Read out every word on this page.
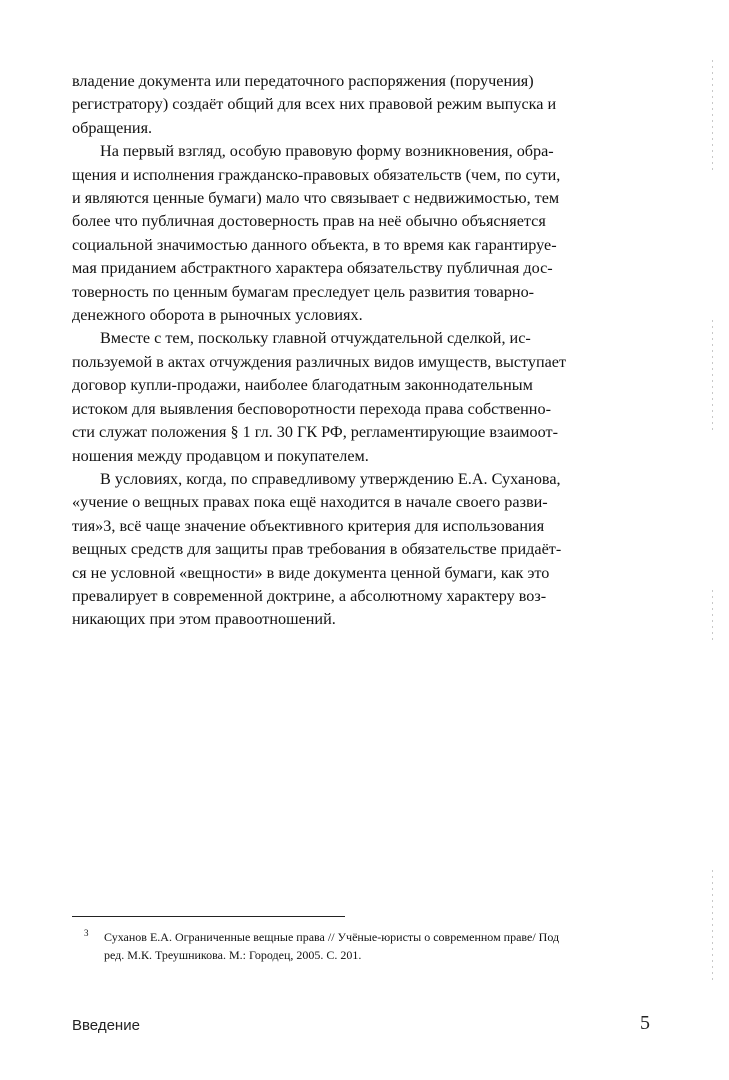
владение документа или передаточного распоряжения (поручения)
регистратору) создаёт общий для всех них правовой режим выпуска и
обращения.

На первый взгляд, особую правовую форму возникновения, обра-
щения и исполнения гражданско-правовых обязательств (чем, по сути,
и являются ценные бумаги) мало что связывает с недвижимостью, тем
более что публичная достоверность прав на неё обычно объясняется
социальной значимостью данного объекта, в то время как гарантируе-
мая приданием абстрактного характера обязательству публичная дос-
товерность по ценным бумагам преследует цель развития товарно-
денежного оборота в рыночных условиях.

Вместе с тем, поскольку главной отчуждательной сделкой, ис-
пользуемой в актах отчуждения различных видов имуществ, выступает
договор купли-продажи, наиболее благодатным законнодательным
истоком для выявления бесповоротности перехода права собственно-
сти служат положения § 1 гл. 30 ГК РФ, регламентирующие взаимоот-
ношения между продавцом и покупателем.

В условиях, когда, по справедливому утверждению Е.А. Суханова,
«учение о вещных правах пока ещё находится в начале своего разви-
тия»3, всё чаще значение объективного критерия для использования
вещных средств для защиты прав требования в обязательстве придаёт-
ся не условной «вещности» в виде документа ценной бумаги, как это
превалирует в современной доктрине, а абсолютному характеру воз-
никающих при этом правоотношений.

3 Суханов Е.А. Ограниченные вещные права // Учёные-юристы о современном праве/ Под
ред. М.К. Треушникова. М.: Городец, 2005. С. 201.
Введение	5
